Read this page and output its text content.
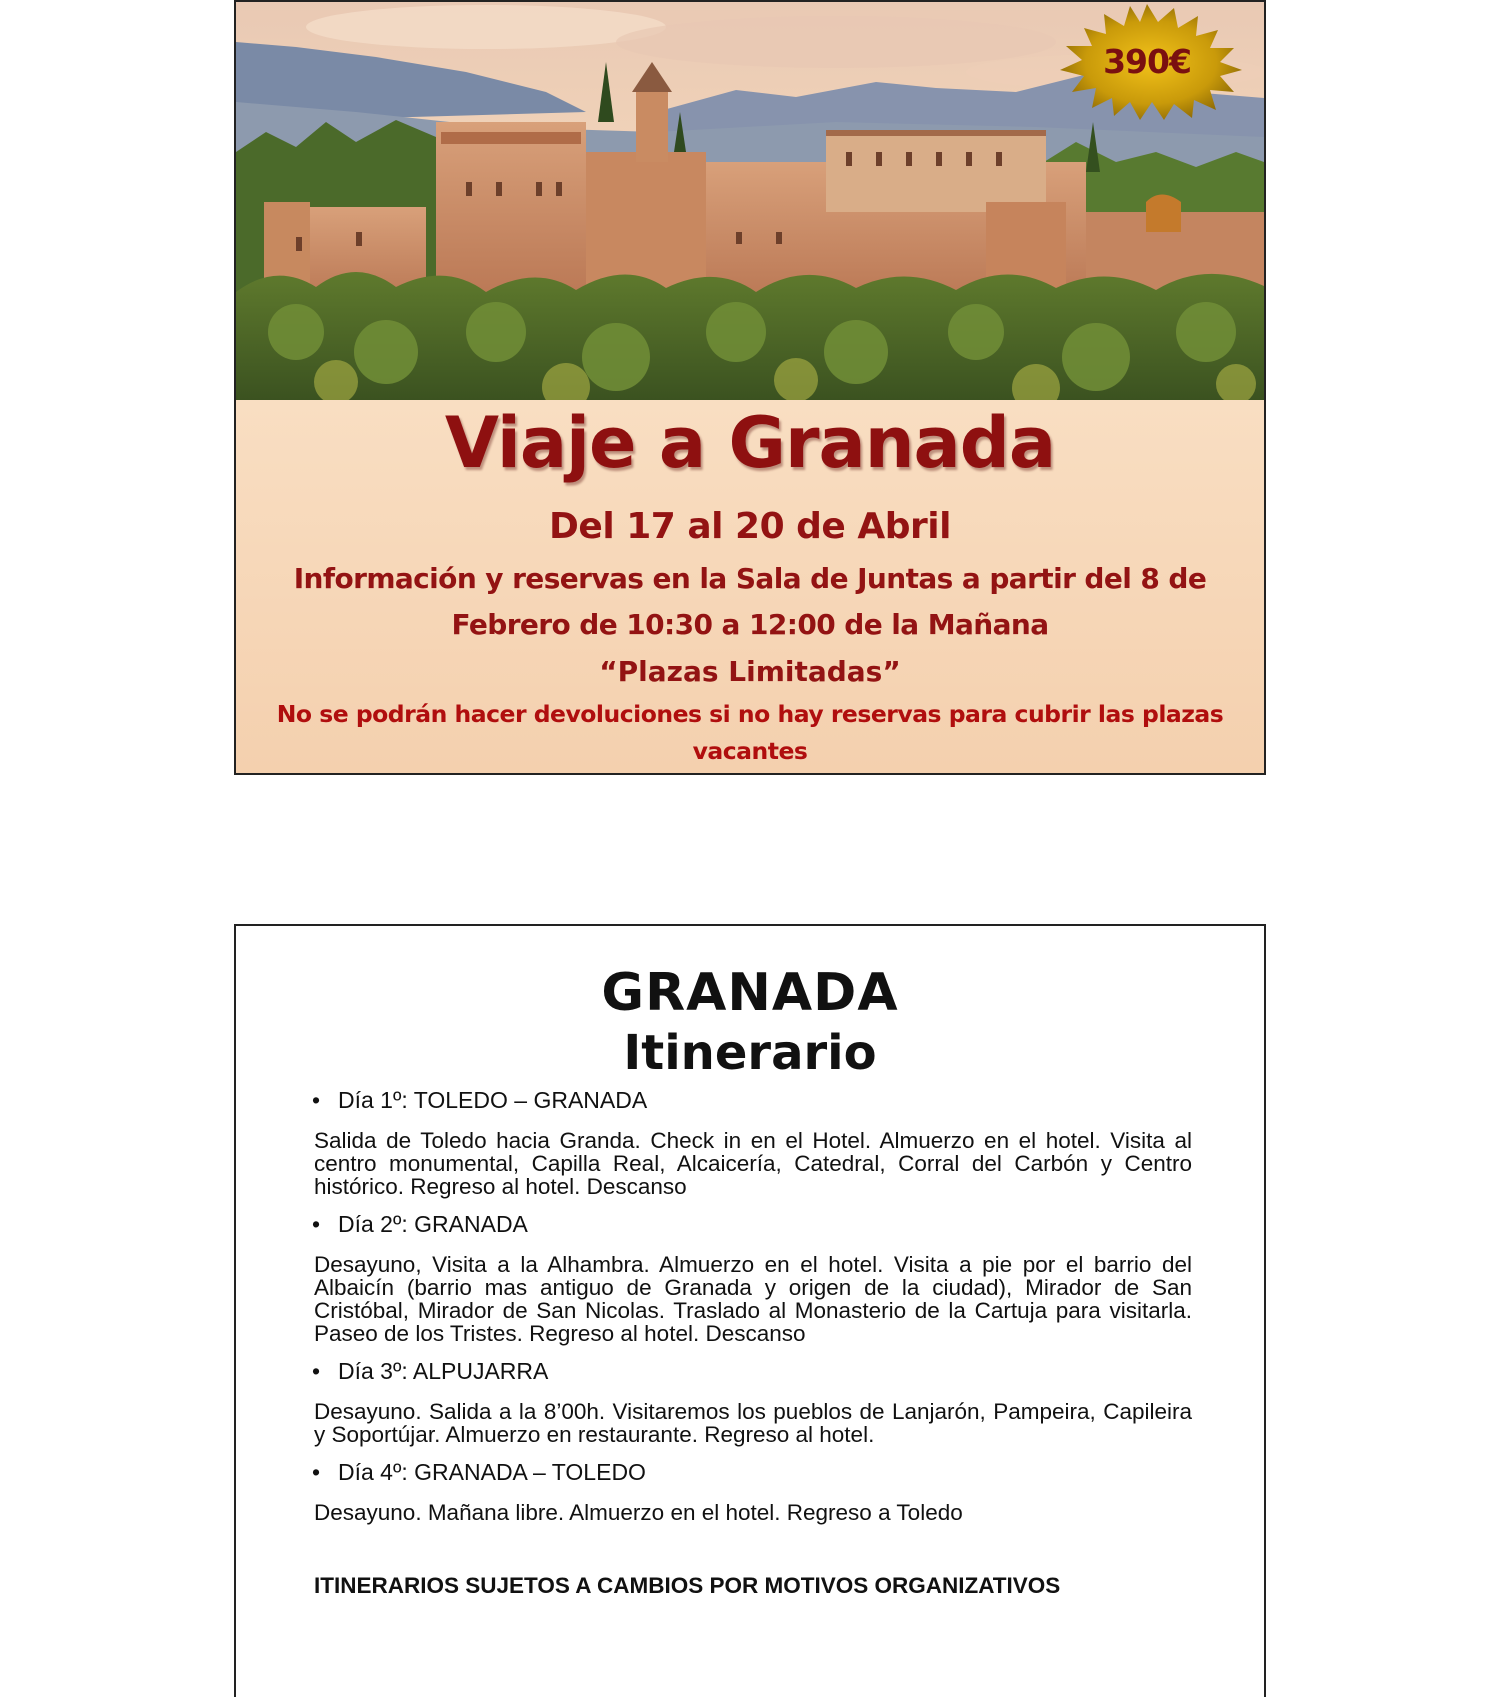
390€
Viaje a Granada
Del 17 al 20 de Abril
Información y reservas en la Sala de Juntas a partir del 8 de
Febrero de 10:30 a 12:00 de la Mañana
“Plazas Limitadas”
No se podrán hacer devoluciones si no hay reservas para cubrir las plazas
vacantes
GRANADA
Itinerario
• Día 1º: TOLEDO – GRANADA
Salida de Toledo hacia Granda. Check in en el Hotel. Almuerzo en el hotel. Visita al centro monumental, Capilla Real, Alcaicería, Catedral, Corral del Carbón y Centro histórico. Regreso al hotel. Descanso
• Día 2º: GRANADA
Desayuno, Visita a la Alhambra. Almuerzo en el hotel. Visita a pie por el barrio del Albaicín (barrio mas antiguo de Granada y origen de la ciudad), Mirador de San Cristóbal, Mirador de San Nicolas. Traslado al Monasterio de la Cartuja para visitarla. Paseo de los Tristes. Regreso al hotel. Descanso
• Día 3º: ALPUJARRA
Desayuno. Salida a la 8’00h. Visitaremos los pueblos de Lanjarón, Pampeira, Capileira y Soportújar. Almuerzo en restaurante. Regreso al hotel.
• Día 4º: GRANADA – TOLEDO
Desayuno. Mañana libre. Almuerzo en el hotel. Regreso a Toledo
ITINERARIOS SUJETOS A CAMBIOS POR MOTIVOS ORGANIZATIVOS
